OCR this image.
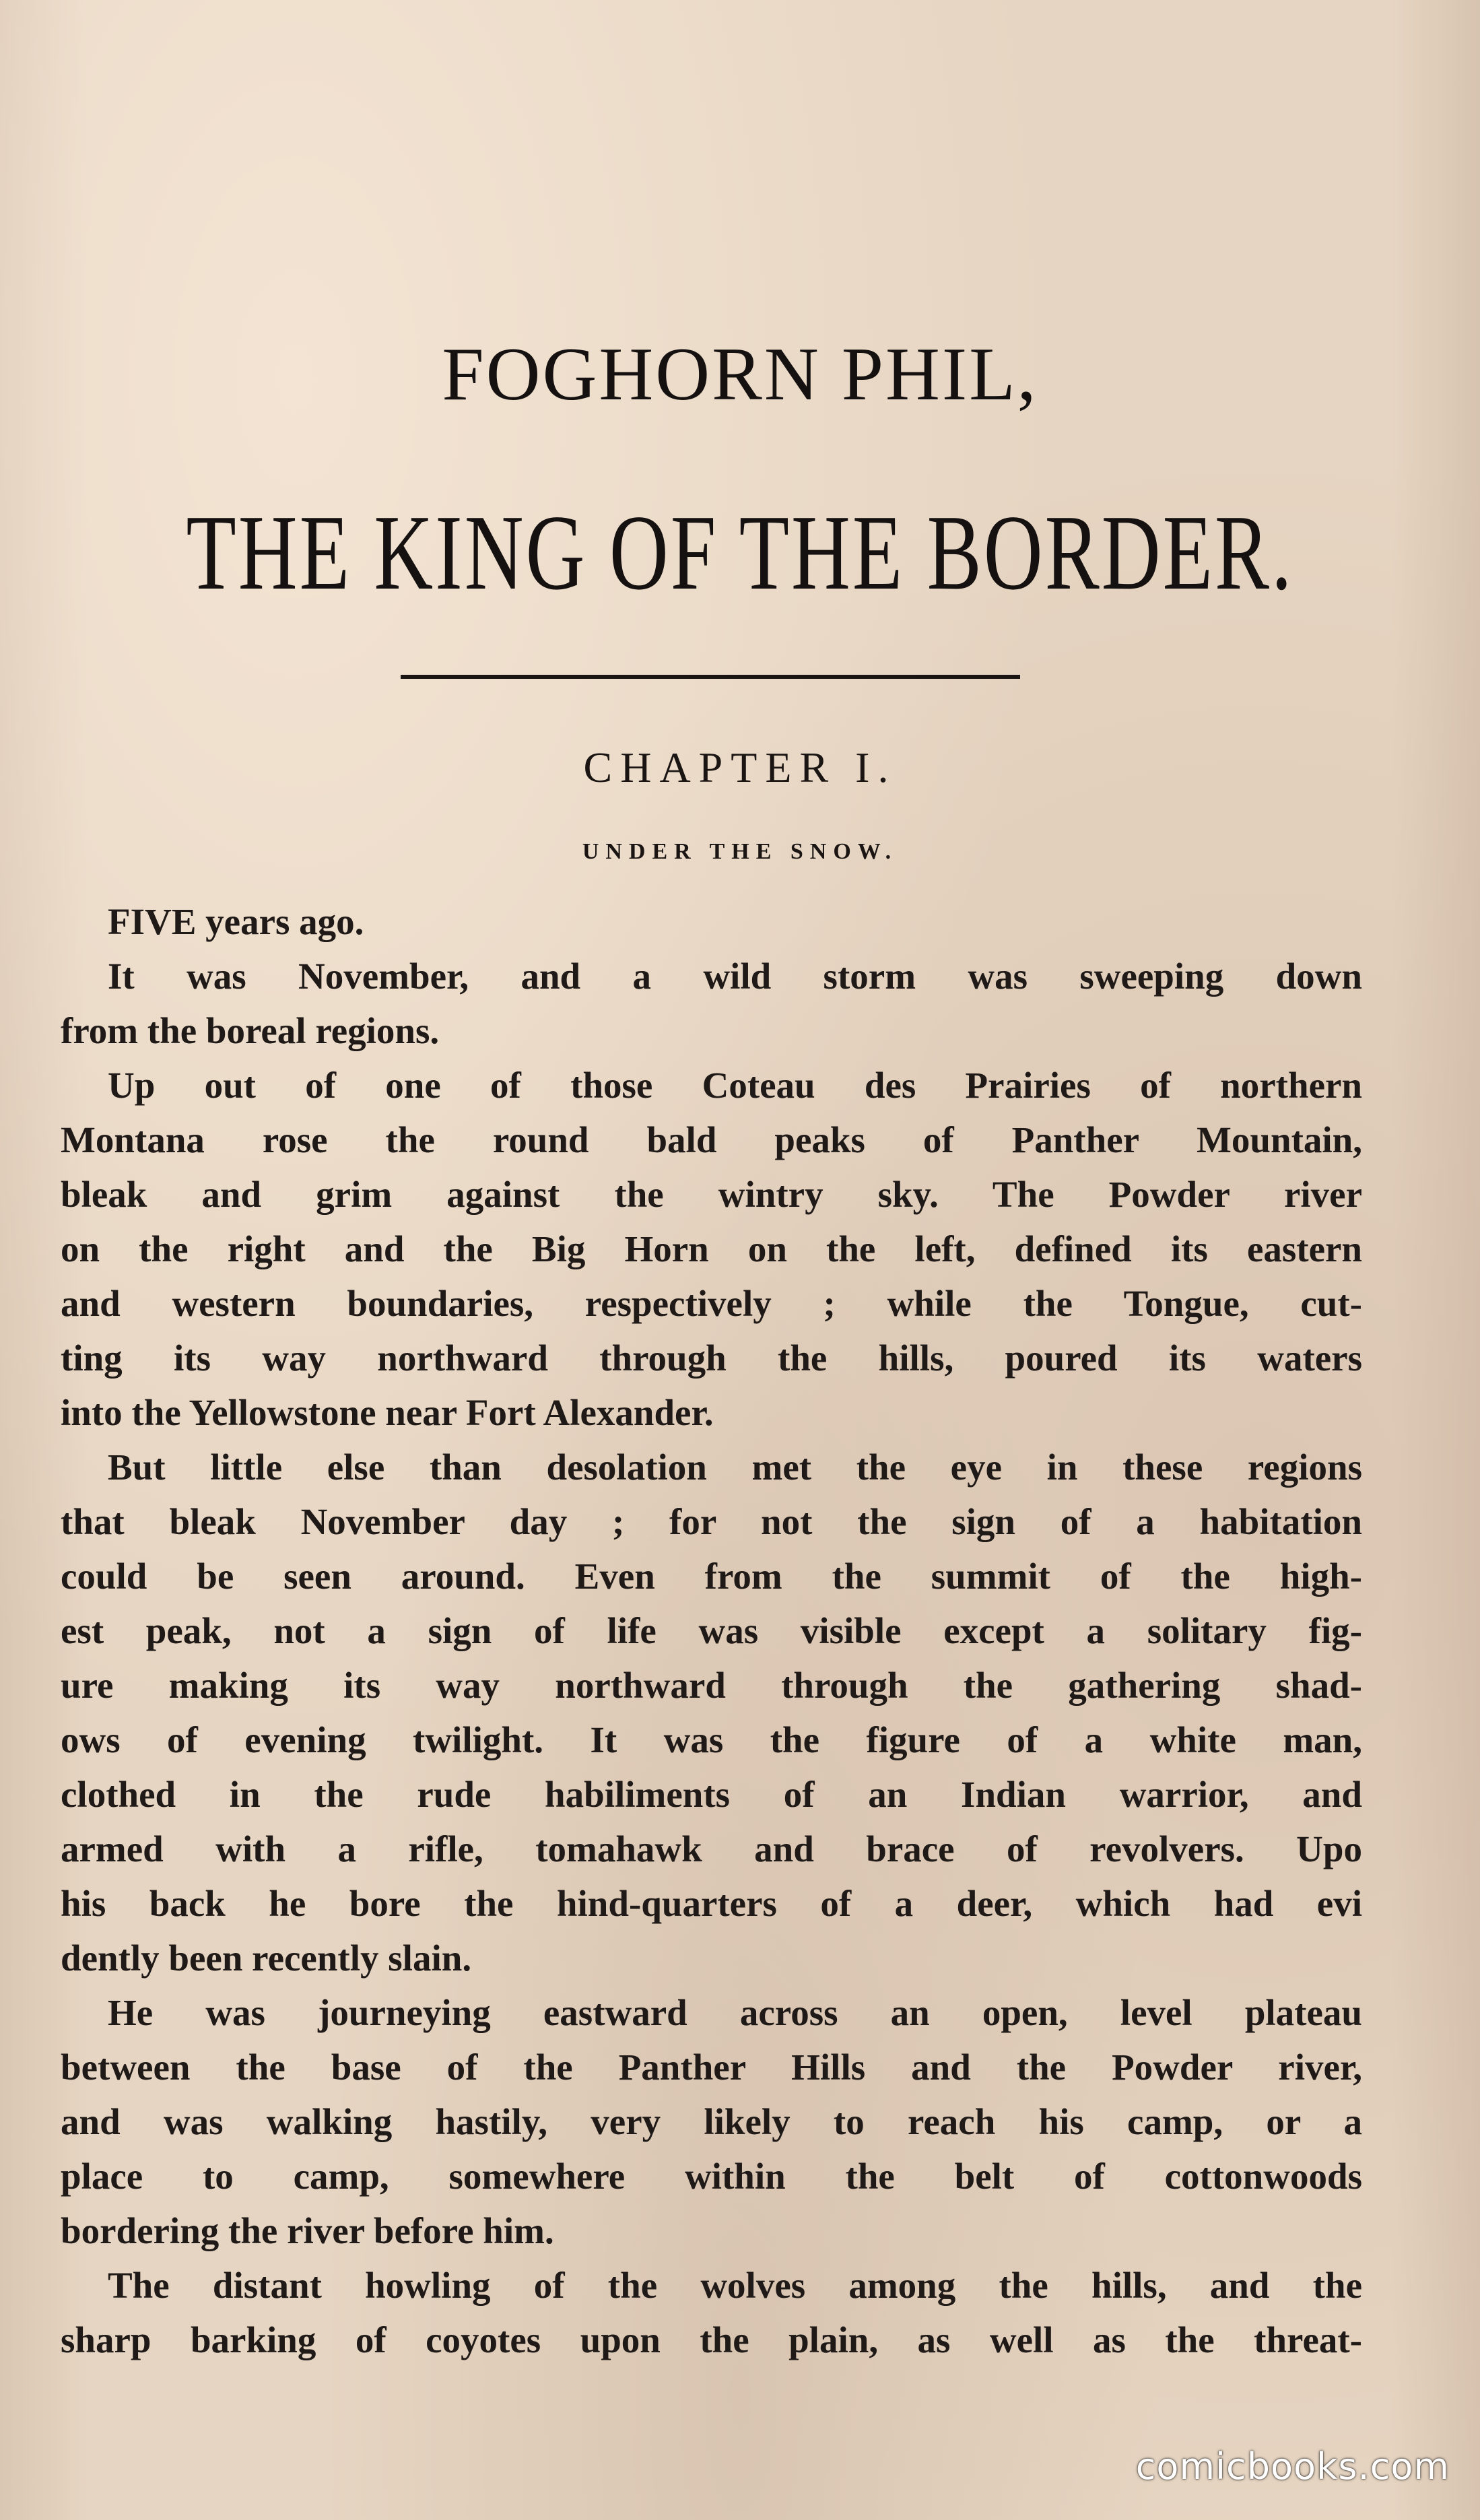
FOGHORN PHIL,
THE KING OF THE BORDER.
CHAPTER I.
UNDER THE SNOW.
FIVE years ago.
It was November, and a wild storm was sweeping down
from the boreal regions.
Up out of one of those Coteau des Prairies of northern
Montana rose the round bald peaks of Panther Mountain,
bleak and grim against the wintry sky. The Powder river
on the right and the Big Horn on the left, defined its eastern
and western boundaries, respectively ; while the Tongue, cut-
ting its way northward through the hills, poured its waters
into the Yellowstone near Fort Alexander.
But little else than desolation met the eye in these regions
that bleak November day ; for not the sign of a habitation
could be seen around. Even from the summit of the high-
est peak, not a sign of life was visible except a solitary fig-
ure making its way northward through the gathering shad-
ows of evening twilight. It was the figure of a white man,
clothed in the rude habiliments of an Indian warrior, and
armed with a rifle, tomahawk and brace of revolvers. Upo
his back he bore the hind-quarters of a deer, which had evi
dently been recently slain.
He was journeying eastward across an open, level plateau
between the base of the Panther Hills and the Powder river,
and was walking hastily, very likely to reach his camp, or a
place to camp, somewhere within the belt of cottonwoods
bordering the river before him.
The distant howling of the wolves among the hills, and the
sharp barking of coyotes upon the plain, as well as the threat-
comicbooks.com
